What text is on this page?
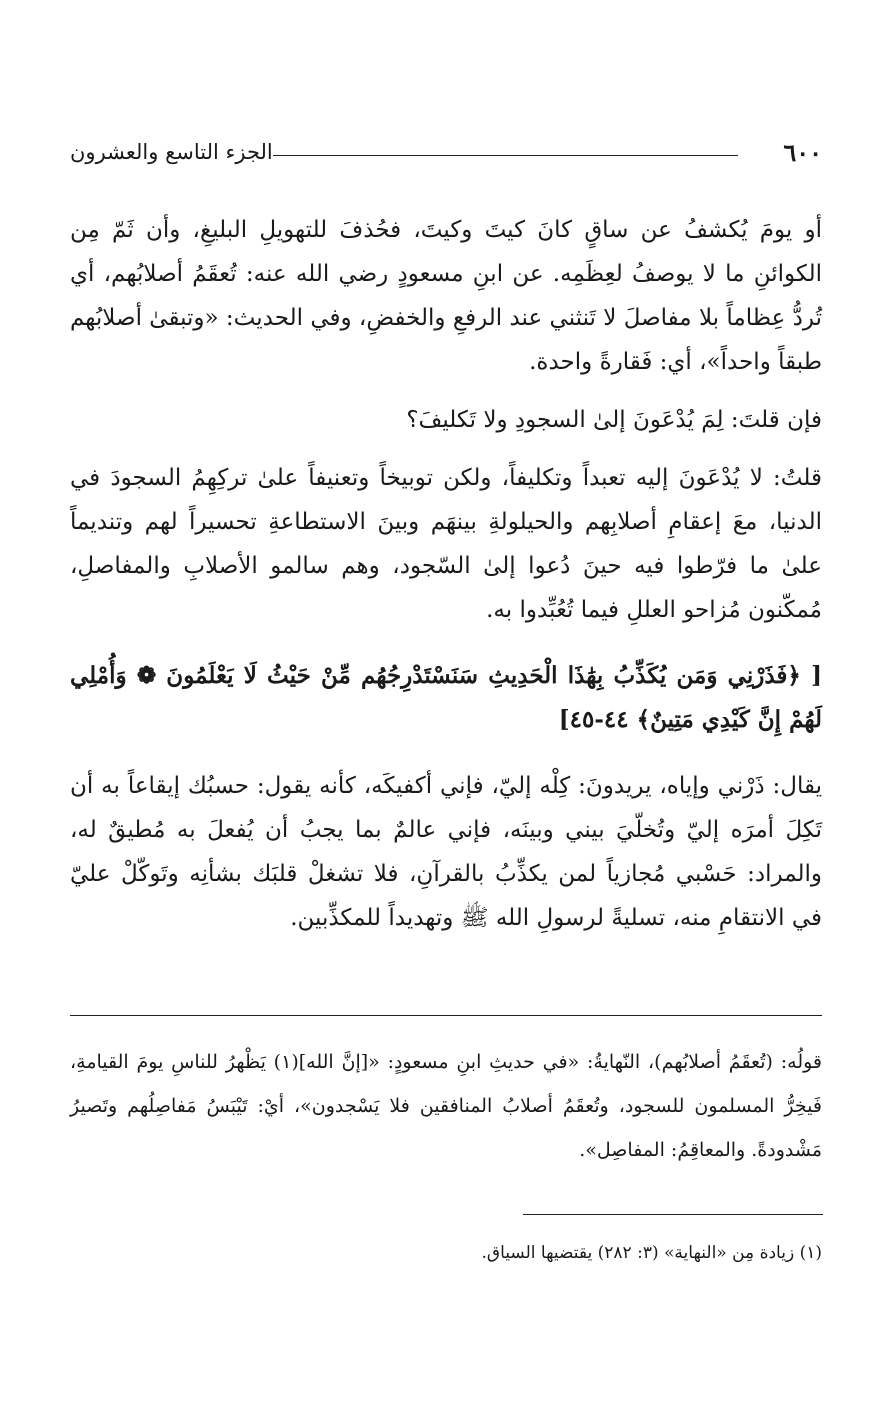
٦٠٠
الجزء التاسع والعشرون

أو يومَ يُكشفُ عن ساقٍ كانَ كيتَ وكيتَ، فحُذفَ للتهويلِ البليغِ، وأن ثَمّ مِن الكوائنِ ما لا يوصفُ لعِظَمِه. عن ابنِ مسعودٍ رضي الله عنه: تُعقَمُ أصلابُهم، أي تُردُّ عِظاماً بلا مفاصلَ لا تَنثني عند الرفعِ والخفضِ، وفي الحديث: «وتبقىٰ أصلابُهم طبقاً واحداً»، أي: فَقارةً واحدة.

فإن قلتَ: لِمَ يُدْعَونَ إلىٰ السجودِ ولا تَكليفَ؟

قلتُ: لا يُدْعَونَ إليه تعبداً وتكليفاً، ولكن توبيخاً وتعنيفاً علىٰ تركِهِمُ السجودَ في الدنيا، معَ إعقامِ أصلابِهم والحيلولةِ بينهَم وبينَ الاستطاعةِ تحسيراً لهم وتنديماً علىٰ ما فرّطوا فيه حينَ دُعوا إلىٰ السّجود، وهم سالمو الأصلابِ والمفاصلِ، مُمكّنون مُزاحو العللِ فيما تُعُبِّدوا به.

[ ﴿فَذَرْنِي وَمَن يُكَذِّبُ بِهَٰذَا الْحَدِيثِ سَنَسْتَدْرِجُهُم مِّنْ حَيْثُ لَا يَعْلَمُونَ ❁ وَأُمْلِي لَهُمْ إِنَّ كَيْدِي مَتِينٌ﴾ ٤٤-٤٥]

يقال: ذَرْني وإياه، يريدونَ: كِلْه إليّ، فإني أكفيكَه، كأنه يقول: حسبُك إيقاعاً به أن تَكِلَ أمرَه إليّ وتُخلّيَ بيني وبينَه، فإني عالمٌ بما يجبُ أن يُفعلَ به مُطيقٌ له، والمراد: حَسْبي مُجازياً لمن يكذِّبُ بالقرآنِ، فلا تشغلْ قلبَك بشأنِه وتَوكّلْ عليّ في الانتقامِ منه، تسليةً لرسولِ الله ﷺ وتهديداً للمكذِّبين.

قولُه: (تُعقَمُ أصلابُهم)، النّهايةُ: «في حديثِ ابنِ مسعودٍ: «[إنَّ الله](١) يَظْهرُ للناسِ يومَ القيامةِ، فَيخِرُّ المسلمون للسجود، وتُعقَمُ أصلابُ المنافقين فلا يَسْجدون»، أيْ: تَيْبَسُ مَفاصِلُهم وتَصيرُ مَشْدودةً. والمعاقِمُ: المفاصِل».

(١) زيادة مِن «النهاية» (٣: ٢٨٢) يقتضيها السياق.
